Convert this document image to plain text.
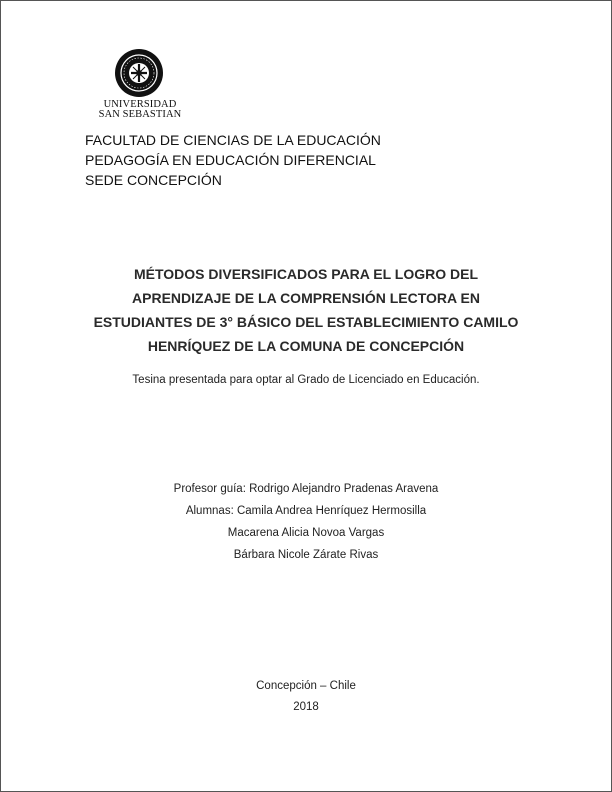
UNIVERSIDAD
SAN SEBASTIAN
FACULTAD DE CIENCIAS DE LA EDUCACIÓN
PEDAGOGÍA EN EDUCACIÓN DIFERENCIAL
SEDE CONCEPCIÓN
MÉTODOS DIVERSIFICADOS PARA EL LOGRO DEL
APRENDIZAJE DE LA COMPRENSIÓN LECTORA EN
ESTUDIANTES DE 3° BÁSICO DEL ESTABLECIMIENTO CAMILO
HENRÍQUEZ DE LA COMUNA DE CONCEPCIÓN
Tesina presentada para optar al Grado de Licenciado en Educación.
Profesor guía: Rodrigo Alejandro Pradenas Aravena
Alumnas: Camila Andrea Henríquez Hermosilla
Macarena Alicia Novoa Vargas
Bárbara Nicole Zárate Rivas
Concepción – Chile
2018
